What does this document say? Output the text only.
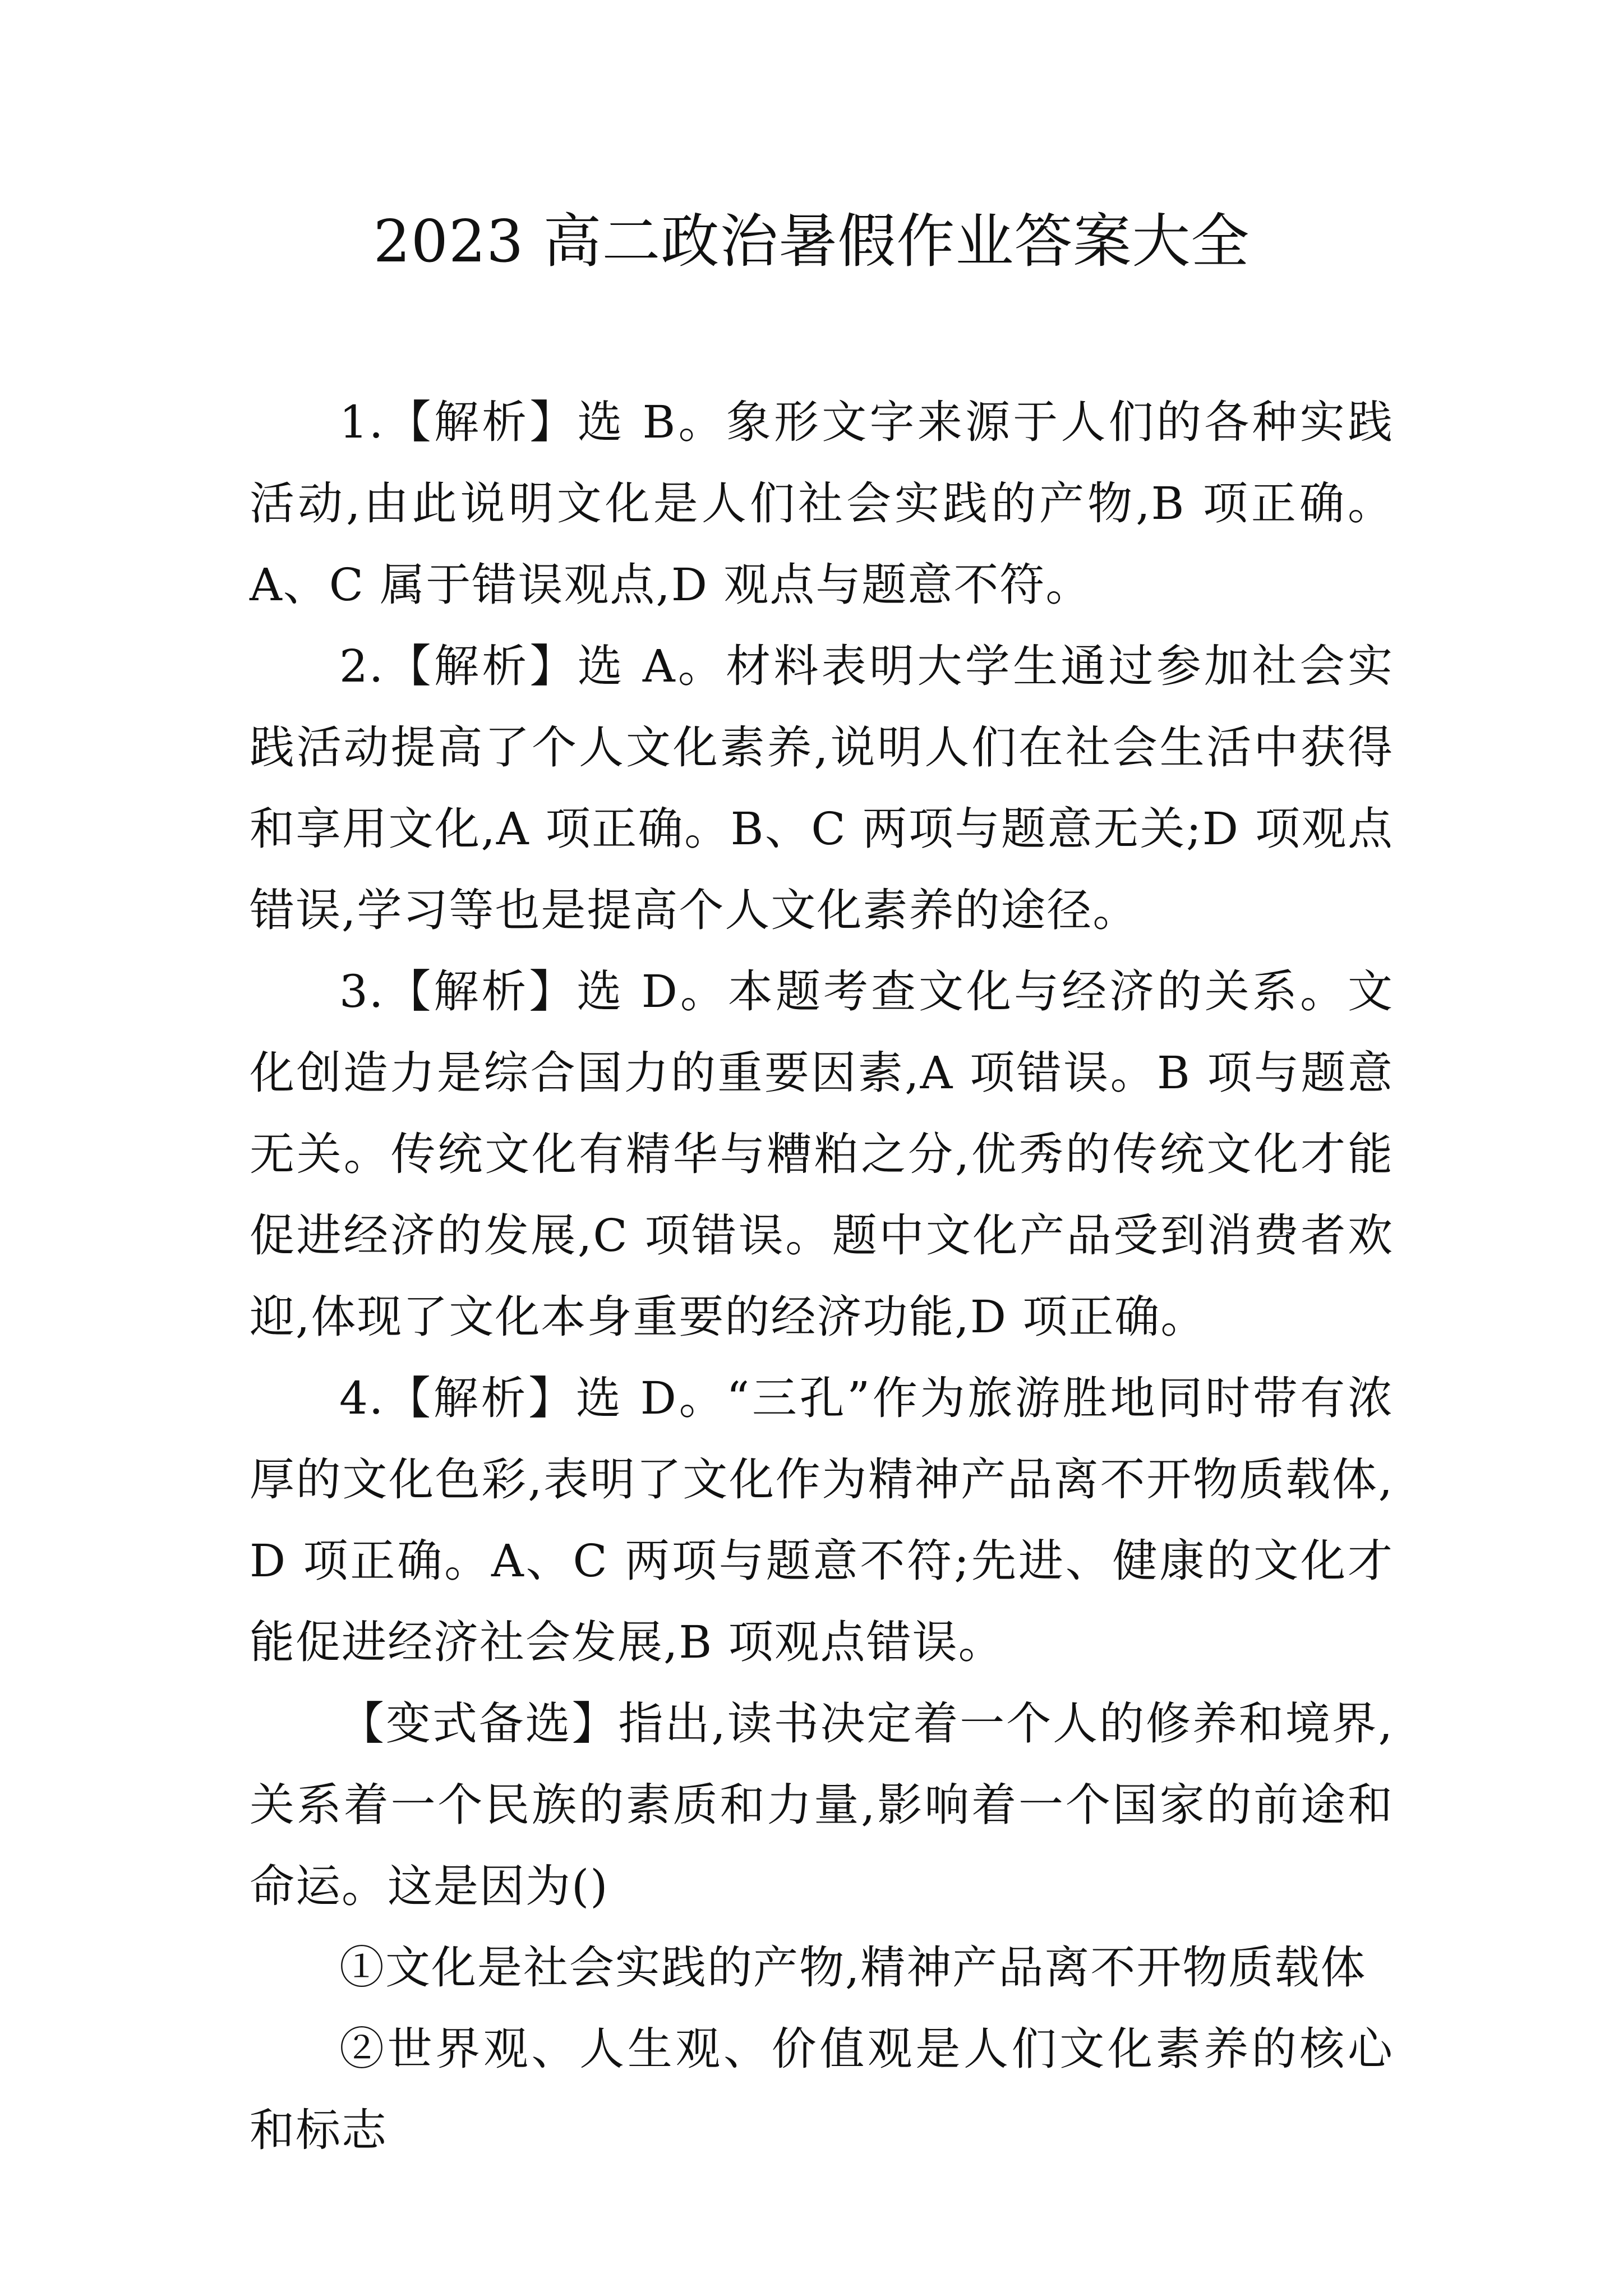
2023 高二政治暑假作业答案大全

1.【解析】选 B。象形文字来源于人们的各种实践活动,由此说明文化是人们社会实践的产物,B 项正确。A、C 属于错误观点,D 观点与题意不符。

2.【解析】选 A。材料表明大学生通过参加社会实践活动提高了个人文化素养,说明人们在社会生活中获得和享用文化,A 项正确。B、C 两项与题意无关;D 项观点错误,学习等也是提高个人文化素养的途径。

3.【解析】选 D。本题考查文化与经济的关系。文化创造力是综合国力的重要因素,A 项错误。B 项与题意无关。传统文化有精华与糟粕之分,优秀的传统文化才能促进经济的发展,C 项错误。题中文化产品受到消费者欢迎,体现了文化本身重要的经济功能,D 项正确。

4.【解析】选 D。“三孔”作为旅游胜地同时带有浓厚的文化色彩,表明了文化作为精神产品离不开物质载体,D 项正确。A、C 两项与题意不符;先进、健康的文化才能促进经济社会发展,B 项观点错误。

【变式备选】指出,读书决定着一个人的修养和境界,关系着一个民族的素质和力量,影响着一个国家的前途和命运。这是因为()

①文化是社会实践的产物,精神产品离不开物质载体

②世界观、人生观、价值观是人们文化素养的核心和标志
